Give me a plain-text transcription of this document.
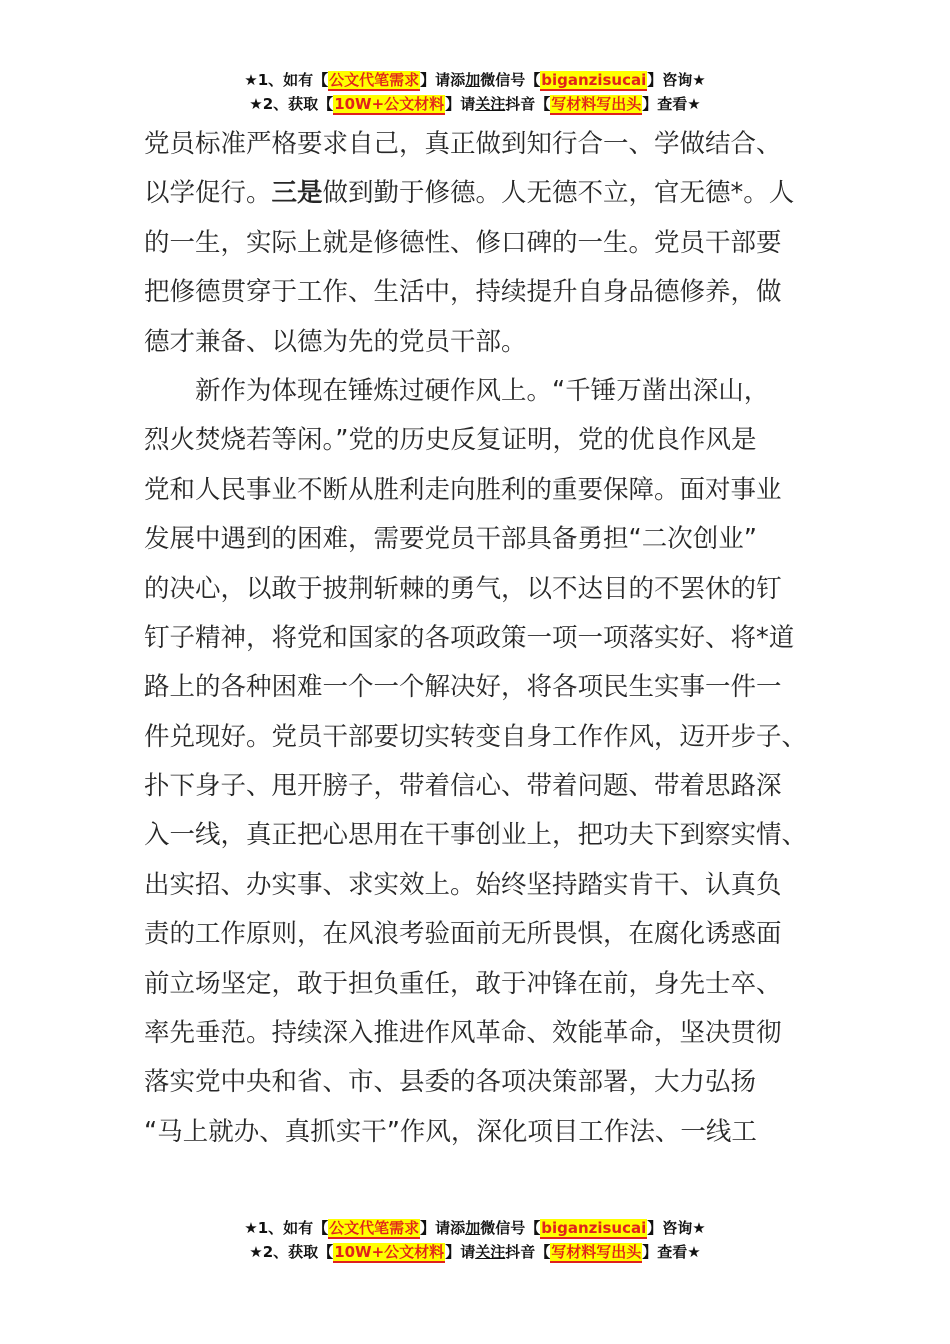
★1、如有【公文代笔需求】请添加微信号【biganzisucai】咨询★
★2、获取【10W+公文材料】请关注抖音【写材料写出头】查看★
党员标准严格要求自己，真正做到知行合一、学做结合、
以学促行。三是做到勤于修德。人无德不立，官无德*。人
的一生，实际上就是修德性、修口碑的一生。党员干部要
把修德贯穿于工作、生活中，持续提升自身品德修养，做
德才兼备、以德为先的党员干部。
新作为体现在锤炼过硬作风上。“千锤万凿出深山，
烈火焚烧若等闲。”党的历史反复证明，党的优良作风是
党和人民事业不断从胜利走向胜利的重要保障。面对事业
发展中遇到的困难，需要党员干部具备勇担“二次创业”
的决心，以敢于披荆斩棘的勇气，以不达目的不罢休的钉
钉子精神，将党和国家的各项政策一项一项落实好、将*道
路上的各种困难一个一个解决好，将各项民生实事一件一
件兑现好。党员干部要切实转变自身工作作风，迈开步子、
扑下身子、甩开膀子，带着信心、带着问题、带着思路深
入一线，真正把心思用在干事创业上，把功夫下到察实情、
出实招、办实事、求实效上。始终坚持踏实肯干、认真负
责的工作原则，在风浪考验面前无所畏惧，在腐化诱惑面
前立场坚定，敢于担负重任，敢于冲锋在前，身先士卒、
率先垂范。持续深入推进作风革命、效能革命，坚决贯彻
落实党中央和省、市、县委的各项决策部署，大力弘扬
“马上就办、真抓实干”作风，深化项目工作法、一线工
★1、如有【公文代笔需求】请添加微信号【biganzisucai】咨询★
★2、获取【10W+公文材料】请关注抖音【写材料写出头】查看★
